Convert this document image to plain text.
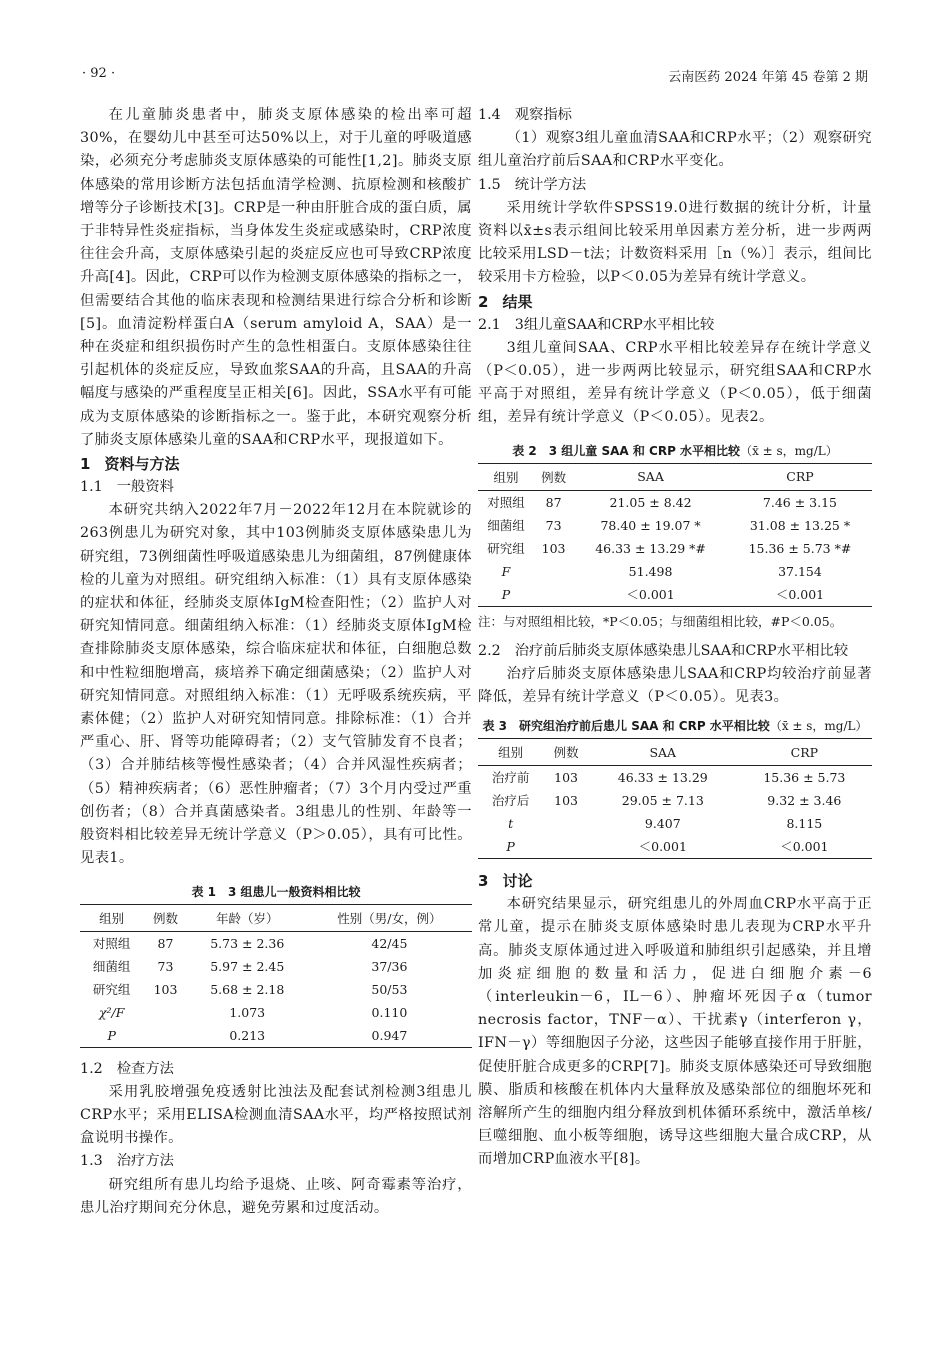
· 92 ·	云南医药 2024 年第 45 卷第 2 期

在儿童肺炎患者中，肺炎支原体感染的检出率可超30%，在婴幼儿中甚至可达50%以上，对于儿童的呼吸道感染，必须充分考虑肺炎支原体感染的可能性[1,2]。肺炎支原体感染的常用诊断方法包括血清学检测、抗原检测和核酸扩增等分子诊断技术[3]。CRP是一种由肝脏合成的蛋白质，属于非特异性炎症指标，当身体发生炎症或感染时，CRP浓度往往会升高，支原体感染引起的炎症反应也可导致CRP浓度升高[4]。因此，CRP可以作为检测支原体感染的指标之一，但需要结合其他的临床表现和检测结果进行综合分析和诊断[5]。血清淀粉样蛋白A（serum amyloid A，SAA）是一种在炎症和组织损伤时产生的急性相蛋白。支原体感染往往引起机体的炎症反应，导致血浆SAA的升高，且SAA的升高幅度与感染的严重程度呈正相关[6]。因此，SSA水平有可能成为支原体感染的诊断指标之一。鉴于此，本研究观察分析了肺炎支原体感染儿童的SAA和CRP水平，现报道如下。

1 资料与方法

1.1 一般资料

本研究共纳入2022年7月－2022年12月在本院就诊的263例患儿为研究对象，其中103例肺炎支原体感染患儿为研究组，73例细菌性呼吸道感染患儿为细菌组，87例健康体检的儿童为对照组。研究组纳入标准：（1）具有支原体感染的症状和体征，经肺炎支原体IgM检查阳性；（2）监护人对研究知情同意。细菌组纳入标准：（1）经肺炎支原体IgM检查排除肺炎支原体感染，综合临床症状和体征，白细胞总数和中性粒细胞增高，痰培养下确定细菌感染；（2）监护人对研究知情同意。对照组纳入标准：（1）无呼吸系统疾病，平素体健；（2）监护人对研究知情同意。排除标准：（1）合并严重心、肝、肾等功能障碍者；（2）支气管肺发育不良者；（3）合并肺结核等慢性感染者；（4）合并风湿性疾病者；（5）精神疾病者；（6）恶性肿瘤者；（7）3个月内受过严重创伤者；（8）合并真菌感染者。3组患儿的性别、年龄等一般资料相比较差异无统计学意义（P＞0.05），具有可比性。见表1。

表 1　3 组患儿一般资料相比较
组别	例数	年龄（岁）	性别（男/女，例）
对照组	87	5.73 ± 2.36	42/45
细菌组	73	5.97 ± 2.45	37/36
研究组	103	5.68 ± 2.18	50/53
χ²/F		1.073	0.110
P		0.213	0.947

1.2 检查方法

采用乳胶增强免疫透射比浊法及配套试剂检测3组患儿CRP水平；采用ELISA检测血清SAA水平，均严格按照试剂盒说明书操作。

1.3 治疗方法

研究组所有患儿均给予退烧、止咳、阿奇霉素等治疗，患儿治疗期间充分休息，避免劳累和过度活动。

1.4 观察指标

（1）观察3组儿童血清SAA和CRP水平；（2）观察研究组儿童治疗前后SAA和CRP水平变化。

1.5 统计学方法

采用统计学软件SPSS19.0进行数据的统计分析，计量资料以x̄±s表示组间比较采用单因素方差分析，进一步两两比较采用LSD－t法；计数资料采用［n（%）］表示，组间比较采用卡方检验，以P＜0.05为差异有统计学意义。

2 结果

2.1 3组儿童SAA和CRP水平相比较

3组儿童间SAA、CRP水平相比较差异存在统计学意义（P＜0.05），进一步两两比较显示，研究组SAA和CRP水平高于对照组，差异有统计学意义（P＜0.05），低于细菌组，差异有统计学意义（P＜0.05）。见表2。

表 2　3 组儿童 SAA 和 CRP 水平相比较（x̄ ± s，mg/L）
组别	例数	SAA	CRP
对照组	87	21.05 ± 8.42	7.46 ± 3.15
细菌组	73	78.40 ± 19.07 *	31.08 ± 13.25 *
研究组	103	46.33 ± 13.29 *#	15.36 ± 5.73 *#
F		51.498	37.154
P		＜0.001	＜0.001

注：与对照组相比较，*P＜0.05；与细菌组相比较，#P＜0.05。

2.2 治疗前后肺炎支原体感染患儿SAA和CRP水平相比较

治疗后肺炎支原体感染患儿SAA和CRP均较治疗前显著降低，差异有统计学意义（P＜0.05）。见表3。

表 3　研究组治疗前后患儿 SAA 和 CRP 水平相比较（x̄ ± s，mg/L）
组别	例数	SAA	CRP
治疗前	103	46.33 ± 13.29	15.36 ± 5.73
治疗后	103	29.05 ± 7.13	9.32 ± 3.46
t		9.407	8.115
P		＜0.001	＜0.001

3 讨论

本研究结果显示，研究组患儿的外周血CRP水平高于正常儿童，提示在肺炎支原体感染时患儿表现为CRP水平升高。肺炎支原体通过进入呼吸道和肺组织引起感染，并且增加炎症细胞的数量和活力，促进白细胞介素－6（interleukin－6，IL－6）、肿瘤坏死因子α（tumor necrosis factor，TNF－α）、干扰素γ（interferon γ，IFN－γ）等细胞因子分泌，这些因子能够直接作用于肝脏，促使肝脏合成更多的CRP[7]。肺炎支原体感染还可导致细胞膜、脂质和核酸在机体内大量释放及感染部位的细胞坏死和溶解所产生的细胞内组分释放到机体循环系统中，激活单核/巨噬细胞、血小板等细胞，诱导这些细胞大量合成CRP，从而增加CRP血液水平[8]。
